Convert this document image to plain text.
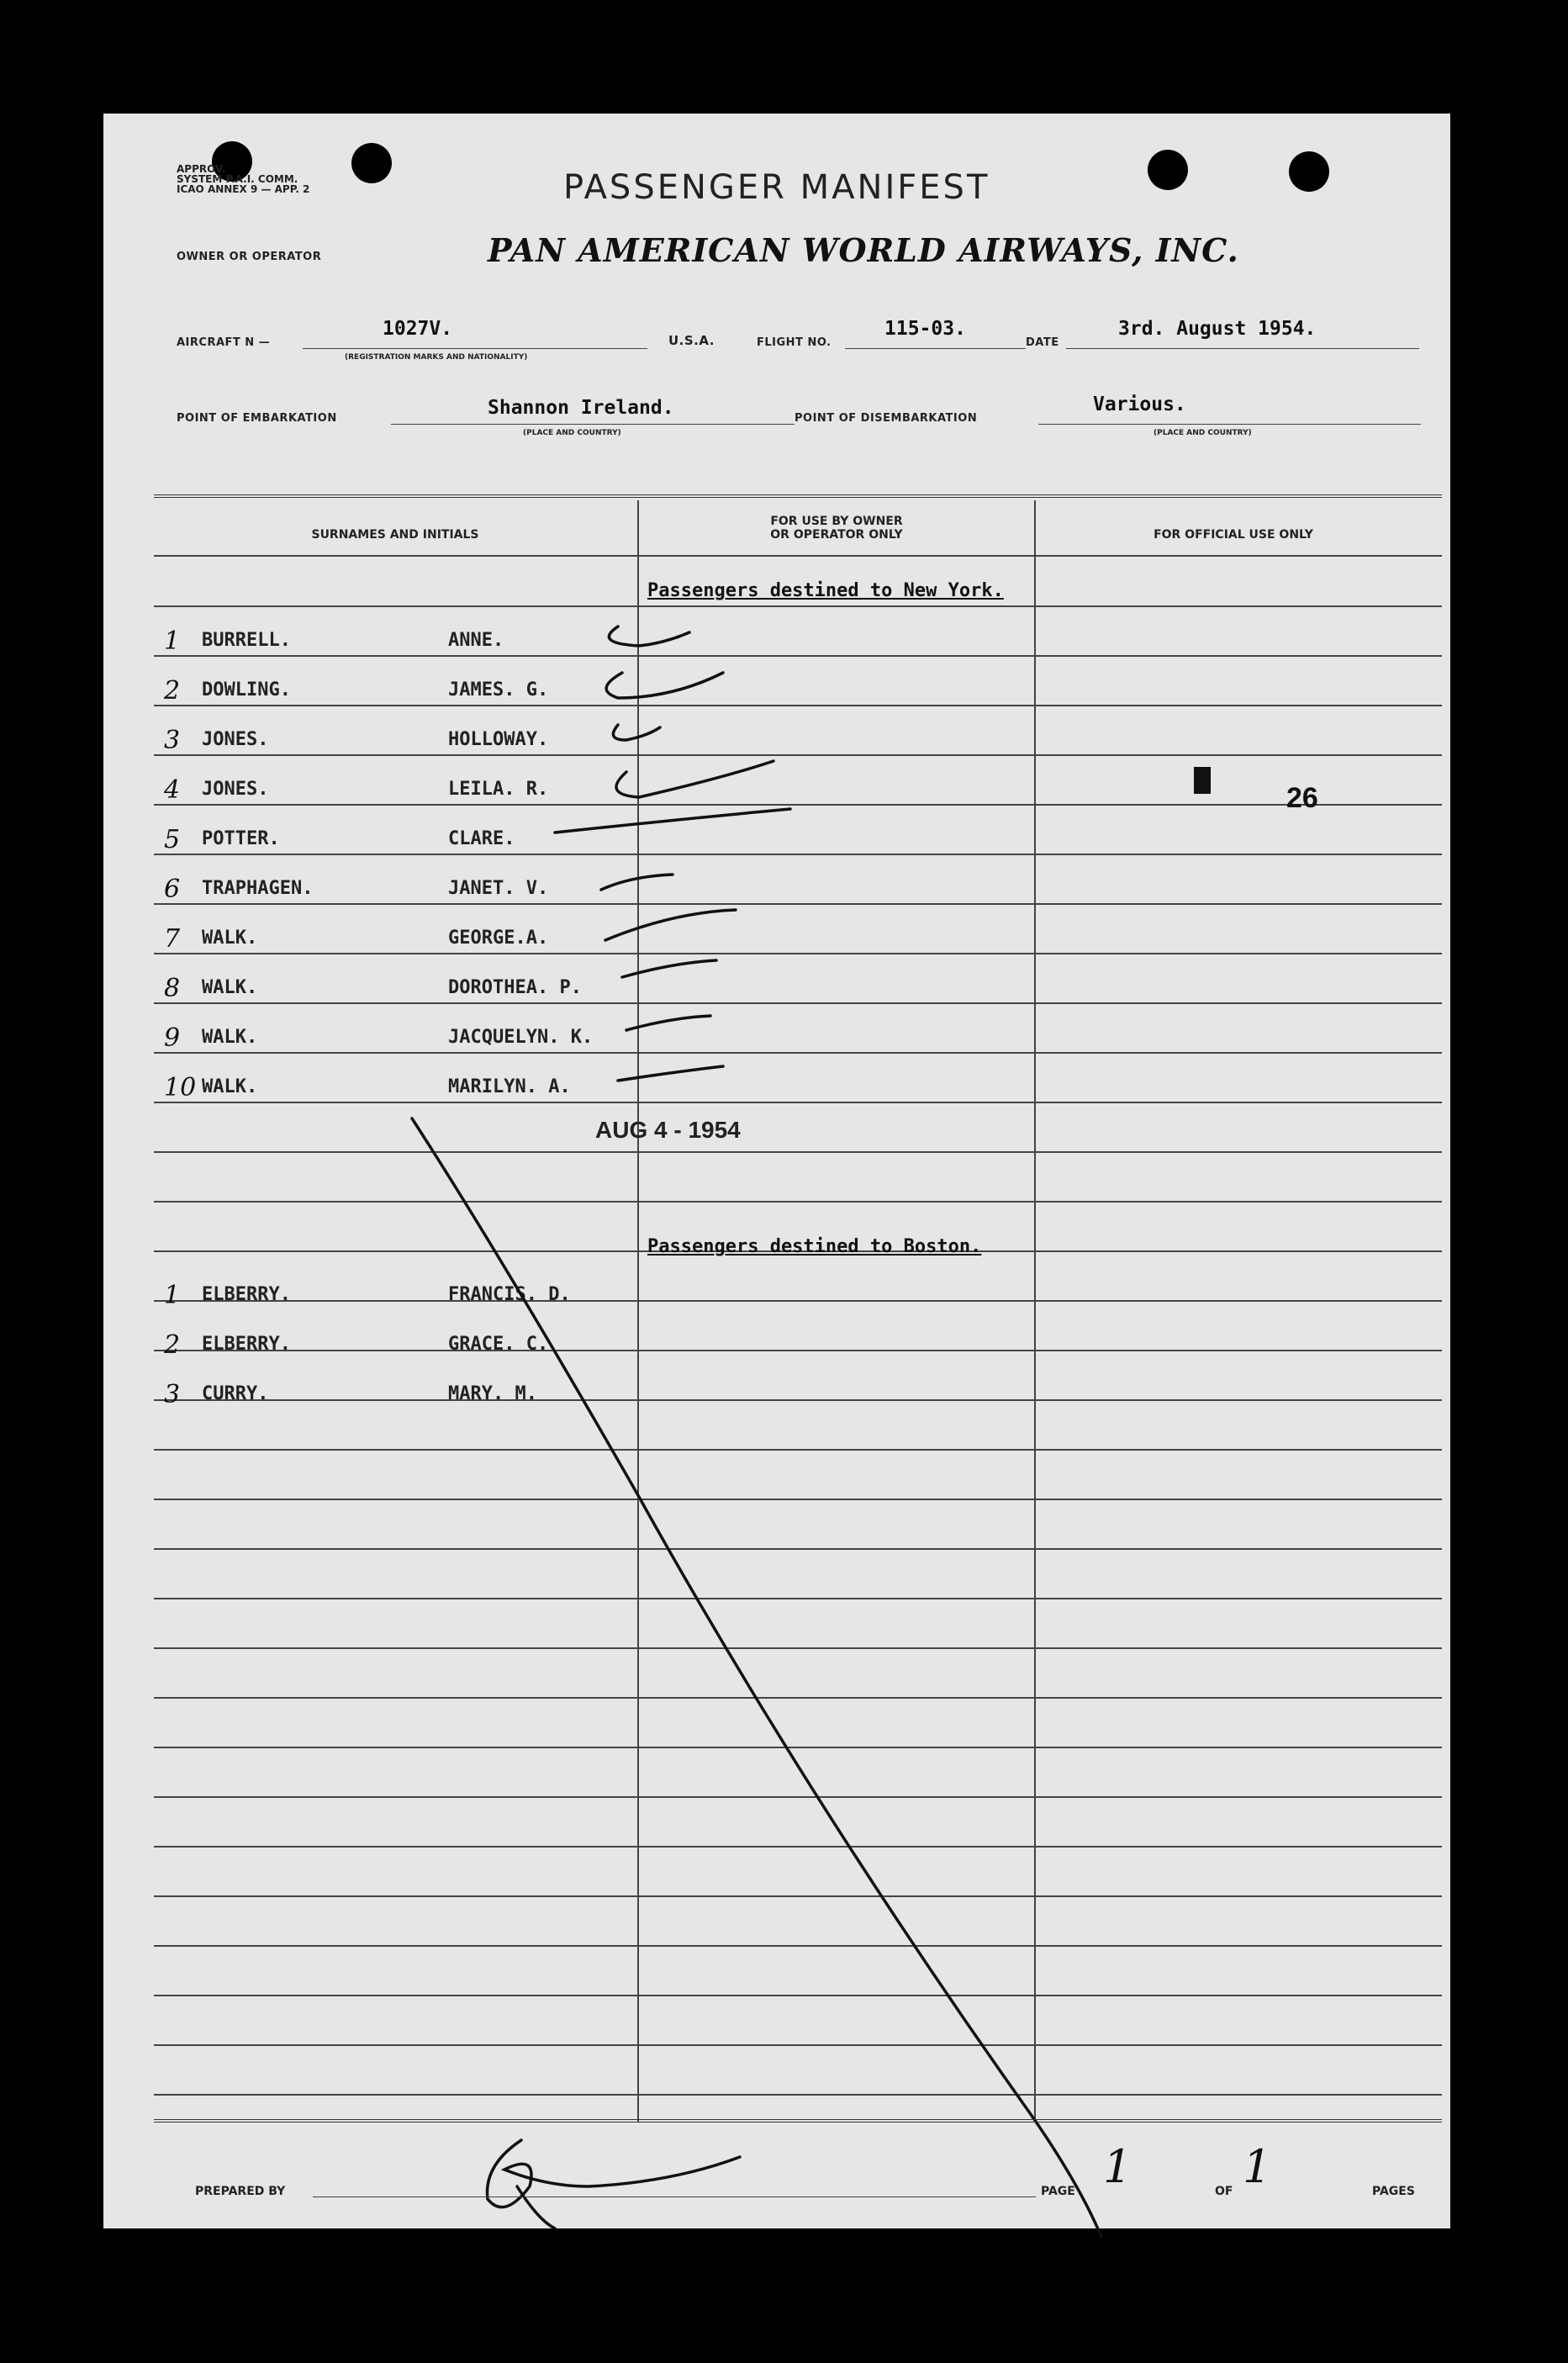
APPROV.
SYSTEM P.A.I. COMM.
ICAO ANNEX 9 — APP. 2	PASSENGER MANIFEST
OWNER OR OPERATOR	PAN AMERICAN WORLD AIRWAYS, INC.
AIRCRAFT N —
1027V.
(REGISTRATION MARKS AND NATIONALITY)
U.S.A.	FLIGHT NO.
115-03.
DATE
3rd. August 1954.
POINT OF EMBARKATION	Shannon Ireland.
(PLACE AND COUNTRY)
POINT OF DISEMBARKATION
Various.
(PLACE AND COUNTRY)
SURNAMES AND INITIALS
FOR USE BY OWNER
OR OPERATOR ONLY	FOR OFFICIAL USE ONLY
Passengers destined to New York.
1 BURRELL.	ANNE.
2 DOWLING.	JAMES. G.
3 JONES.	HOLLOWAY.
4 JONES.	LEILA. R.
5 POTTER.	CLARE.
6 TRAPHAGEN.	JANET. V.
7 WALK.	GEORGE.A.
8 WALK.	DOROTHEA. P.
9 WALK.	JACQUELYN. K.
10 WALK.	MARILYN. A.
Passengers destined to Boston.
1 ELBERRY.	FRANCIS. D.
2 ELBERRY.	GRACE. C.
3 CURRY.	MARY. M.
AUG 4 - 1954
26
PREPARED BY	PAGE 1	OF 1	PAGES
